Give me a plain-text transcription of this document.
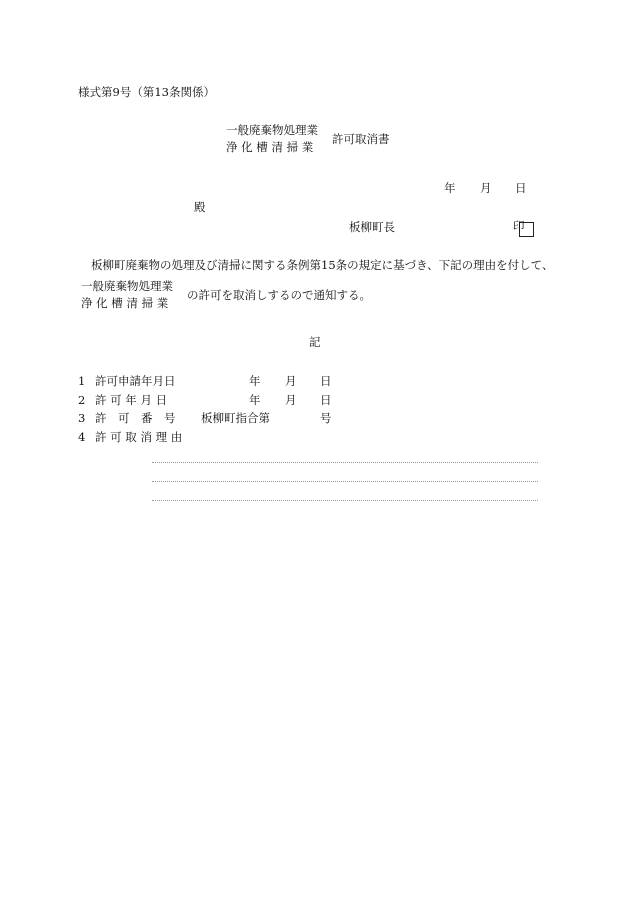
様式第9号（第13条関係）
一般廃棄物処理業
浄 化 槽 清 掃 業
許可取消書
年 月 日
殿
板柳町長	印
板柳町廃棄物の処理及び清掃に関する条例第15条の規定に基づき、下記の理由を付して、
一般廃棄物処理業
浄 化 槽 清 掃 業
の許可を取消しするので通知する。
記
1 許可申請年月日	年 月 日
2 許 可 年 月 日	年 月 日
3 許　可　番　号 板柳町指合第	号
4 許 可 取 消 理 由
